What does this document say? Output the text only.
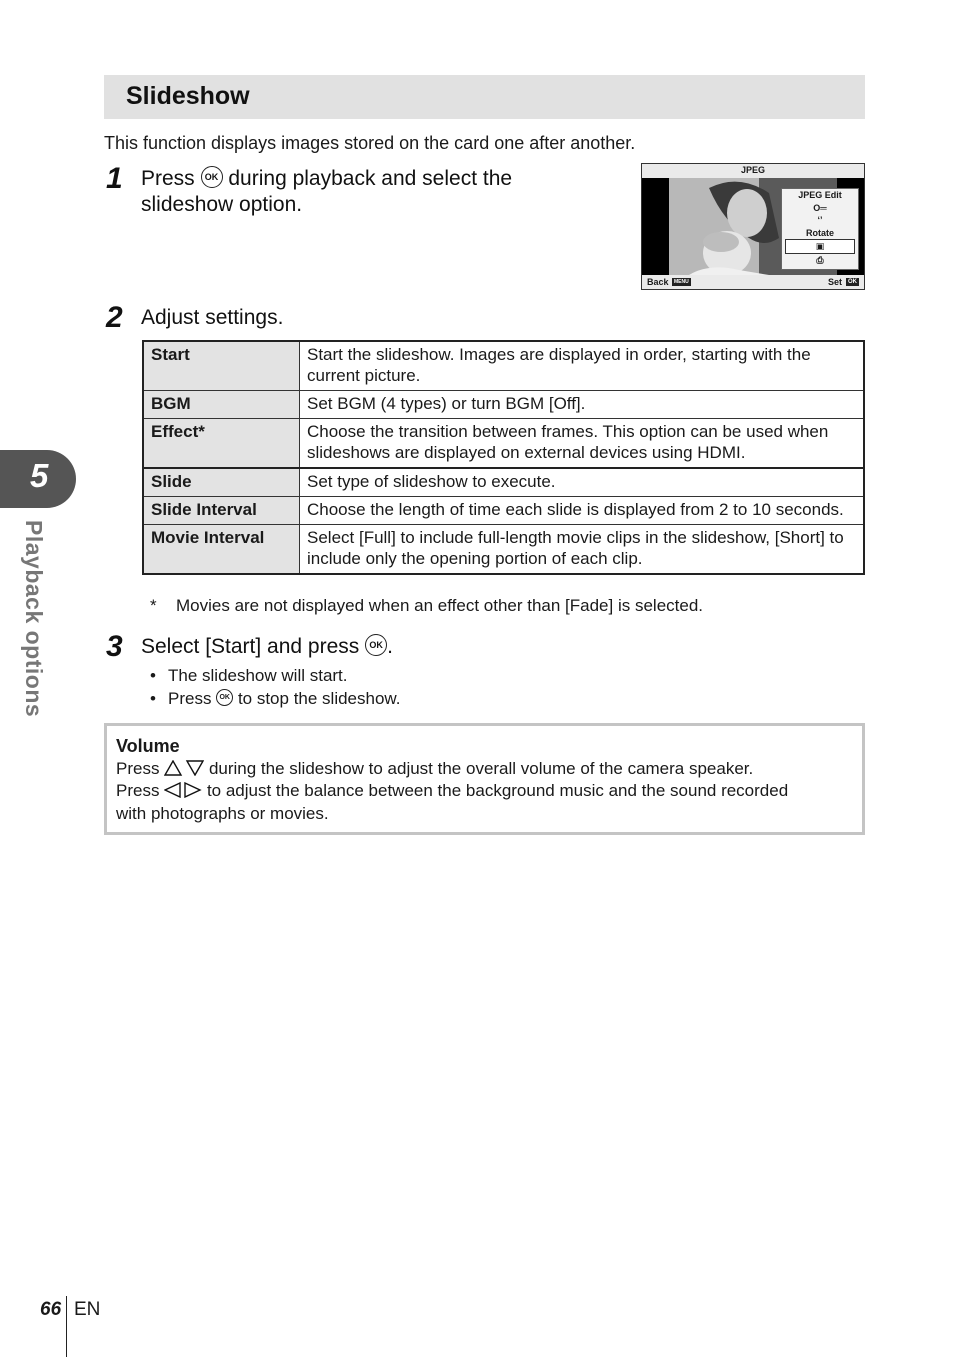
Slideshow
This function displays images stored on the card one after another.
1 Press OK during playback and select the
slideshow option.
JPEG
JPEG Edit
O═
‘’
Rotate
▣
⎙
Back	MENU	Set	OK
2 Adjust settings.
Start	Start the slideshow. Images are displayed in order, starting with the current picture.
BGM	Set BGM (4 types) or turn BGM [Off].
Effect*	Choose the transition between frames. This option can be used when slideshows are displayed on external devices using HDMI.
Slide	Set type of slideshow to execute.
Slide Interval	Choose the length of time each slide is displayed from 2 to 10 seconds.
Movie Interval	Select [Full] to include full-length movie clips in the slideshow, [Short] to include only the opening portion of each clip.
* Movies are not displayed when an effect other than [Fade] is selected.
3 Select [Start] and press OK .
• The slideshow will start.
• Press OK to stop the slideshow.
Volume
Press	during the slideshow to adjust the overall volume of the camera speaker.
Press	to adjust the balance between the background music and the sound recorded
with photographs or movies.
5
Playback options
66 EN
